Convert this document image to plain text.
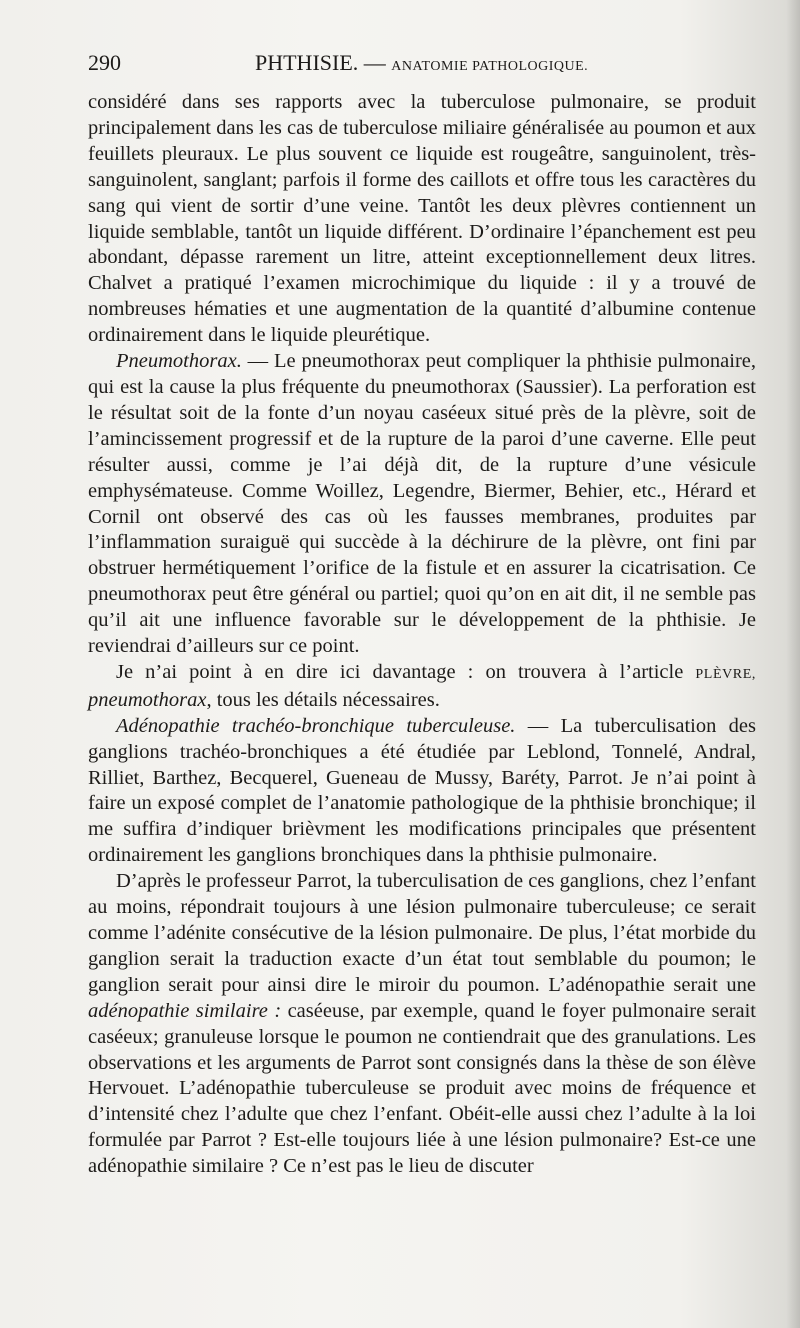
290	PHTHISIE. — ANATOMIE PATHOLOGIQUE.

considéré dans ses rapports avec la tuberculose pulmonaire, se produit principalement dans les cas de tuberculose miliaire généralisée au poumon et aux feuillets pleuraux. Le plus souvent ce liquide est rougeâtre, sanguinolent, très-sanguinolent, sanglant; parfois il forme des caillots et offre tous les caractères du sang qui vient de sortir d’une veine. Tantôt les deux plèvres contiennent un liquide semblable, tantôt un liquide différent. D’ordinaire l’épanchement est peu abondant, dépasse rarement un litre, atteint exceptionnellement deux litres. Chalvet a pratiqué l’examen microchimique du liquide : il y a trouvé de nombreuses hématies et une augmentation de la quantité d’albumine contenue ordinairement dans le liquide pleurétique.

Pneumothorax. — Le pneumothorax peut compliquer la phthisie pulmonaire, qui est la cause la plus fréquente du pneumothorax (Saussier). La perforation est le résultat soit de la fonte d’un noyau caséeux situé près de la plèvre, soit de l’amincissement progressif et de la rupture de la paroi d’une caverne. Elle peut résulter aussi, comme je l’ai déjà dit, de la rupture d’une vésicule emphysémateuse. Comme Woillez, Legendre, Biermer, Behier, etc., Hérard et Cornil ont observé des cas où les fausses membranes, produites par l’inflammation suraiguë qui succède à la déchirure de la plèvre, ont fini par obstruer hermétiquement l’orifice de la fistule et en assurer la cicatrisation. Ce pneumothorax peut être général ou partiel; quoi qu’on en ait dit, il ne semble pas qu’il ait une influence favorable sur le développement de la phthisie. Je reviendrai d’ailleurs sur ce point.

Je n’ai point à en dire ici davantage : on trouvera à l’article PLÈVRE, pneumothorax, tous les détails nécessaires.

Adénopathie trachéo-bronchique tuberculeuse. — La tuberculisation des ganglions trachéo-bronchiques a été étudiée par Leblond, Tonnelé, Andral, Rilliet, Barthez, Becquerel, Gueneau de Mussy, Baréty, Parrot. Je n’ai point à faire un exposé complet de l’anatomie pathologique de la phthisie bronchique; il me suffira d’indiquer brièvment les modifications principales que présentent ordinairement les ganglions bronchiques dans la phthisie pulmonaire.

D’après le professeur Parrot, la tuberculisation de ces ganglions, chez l’enfant au moins, répondrait toujours à une lésion pulmonaire tuberculeuse; ce serait comme l’adénite consécutive de la lésion pulmonaire. De plus, l’état morbide du ganglion serait la traduction exacte d’un état tout semblable du poumon; le ganglion serait pour ainsi dire le miroir du poumon. L’adénopathie serait une adénopathie similaire : caséeuse, par exemple, quand le foyer pulmonaire serait caséeux; granuleuse lorsque le poumon ne contiendrait que des granulations. Les observations et les arguments de Parrot sont consignés dans la thèse de son élève Hervouet. L’adénopathie tuberculeuse se produit avec moins de fréquence et d’intensité chez l’adulte que chez l’enfant. Obéit-elle aussi chez l’adulte à la loi formulée par Parrot ? Est-elle toujours liée à une lésion pulmonaire? Est-ce une adénopathie similaire ? Ce n’est pas le lieu de discuter
